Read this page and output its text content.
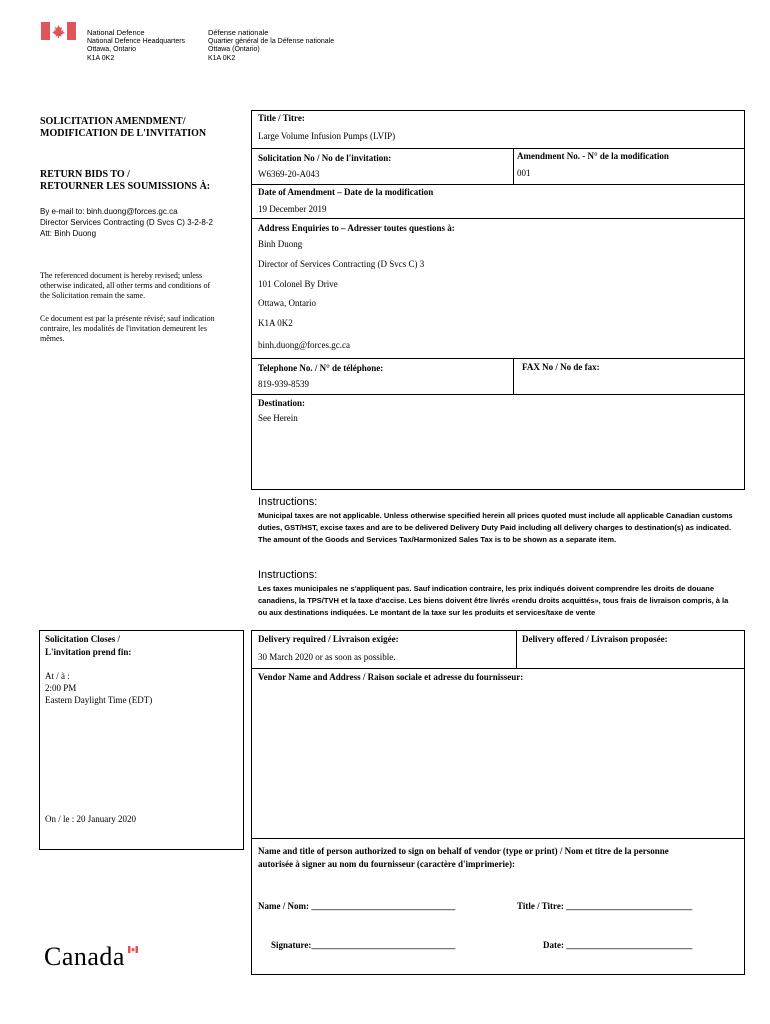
National Defence
National Defence Headquarters
Ottawa, Ontario
K1A 0K2
Défense nationale
Quartier général de la Défense nationale
Ottawa (Ontario)
K1A 0K2
SOLICITATION AMENDMENT/
MODIFICATION DE L'INVITATION
RETURN BIDS TO /
RETOURNER LES SOUMISSIONS À:
By e-mail to: binh.duong@forces.gc.ca
Director Services Contracting (D Svcs C) 3-2-8-2
Att: Binh Duong
The referenced document is hereby revised; unless
otherwise indicated, all other terms and conditions of
the Solicitation remain the same.
Ce document est par la présente révisé; sauf indication
contraire, les modalités de l'invitation demeurent les
mêmes.
Title / Titre:
Large Volume Infusion Pumps (LVIP)
Solicitation No / No de l'invitation:
W6369-20-A043
Amendment No. - N° de la modification
001
Date of Amendment – Date de la modification
19 December 2019
Address Enquiries to – Adresser toutes questions à:
Binh Duong
Director of Services Contracting (D Svcs C) 3
101 Colonel By Drive
Ottawa, Ontario
K1A 0K2
binh.duong@forces.gc.ca
Telephone No. / N° de téléphone:
819-939-8539
FAX No / No de fax:
Destination:
See Herein
Instructions:
Municipal taxes are not applicable. Unless otherwise specified herein all prices quoted must include all applicable Canadian customs duties, GST/HST, excise taxes and are to be delivered Delivery Duty Paid including all delivery charges to destination(s) as indicated. The amount of the Goods and Services Tax/Harmonized Sales Tax is to be shown as a separate item.
Instructions:
Les taxes municipales ne s'appliquent pas. Sauf indication contraire, les prix indiqués doivent comprendre les droits de douane canadiens, la TPS/TVH et la taxe d'accise. Les biens doivent être livrés «rendu droits acquittés», tous frais de livraison compris, à la ou aux destinations indiquées. Le montant de la taxe sur les produits et services/taxe de vente
Solicitation Closes /
L'invitation prend fin:
At / à :
2:00 PM
Eastern Daylight Time (EDT)
On / le : 20 January 2020
Delivery required / Livraison exigée:
30 March 2020 or as soon as possible.
Delivery offered / Livraison proposée:
Vendor Name and Address / Raison sociale et adresse du fournisseur:
Name and title of person authorized to sign on behalf of vendor (type or print) / Nom et titre de la personne
autorisée à signer au nom du fournisseur (caractère d'imprimerie):
Name / Nom: ________________________________	Title / Titre: ____________________________
Signature:________________________________	Date: ____________________________
Canada
